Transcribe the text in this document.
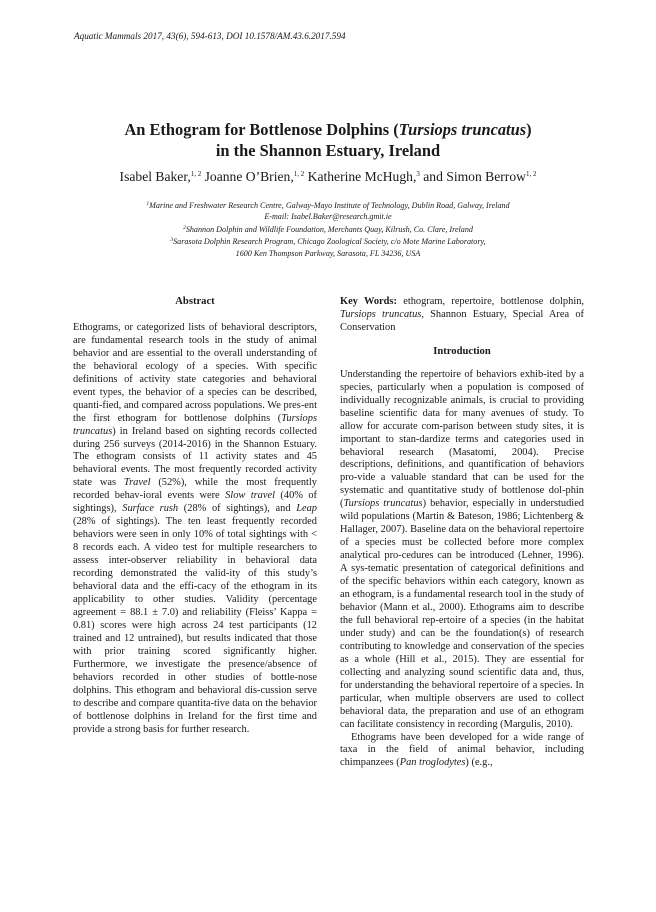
Aquatic Mammals 2017, 43(6), 594-613, DOI 10.1578/AM.43.6.2017.594
An Ethogram for Bottlenose Dolphins (Tursiops truncatus)
in the Shannon Estuary, Ireland
Isabel Baker,$^{1, 2}$ Joanne O’Brien,$^{1, 2}$ Katherine McHugh,$^3$ and Simon Berrow$^{1, 2}$
$^1$Marine and Freshwater Research Centre, Galway-Mayo Institute of Technology, Dublin Road, Galway, Ireland
E-mail: Isabel.Baker@research.gmit.ie
$^2$Shannon Dolphin and Wildlife Foundation, Merchants Quay, Kilrush, Co. Clare, Ireland
$^3$Sarasota Dolphin Research Program, Chicago Zoological Society, c/o Mote Marine Laboratory,
1600 Ken Thompson Parkway, Sarasota, FL 34236, USA
Abstract

Ethograms, or categorized lists of behavioral descriptors, are fundamental research tools in the study of animal behavior and are essential to the overall understanding of the behavioral ecology of a species. With specific definitions of activity state categories and behavioral event types, the behavior of a species can be described, quanti-fied, and compared across populations. We pres-ent the first ethogram for bottlenose dolphins (Tursiops truncatus) in Ireland based on sighting records collected during 256 surveys (2014-2016) in the Shannon Estuary. The ethogram consists of 11 activity states and 45 behavioral events. The most frequently recorded activity state was Travel (52%), while the most frequently recorded behav-ioral events were Slow travel (40% of sightings), Surface rush (28% of sightings), and Leap (28% of sightings). The ten least frequently recorded behaviors were seen in only 10% of total sightings with < 8 records each. A video test for multiple researchers to assess inter-observer reliability in behavioral data recording demonstrated the valid-ity of this study’s behavioral data and the effi-cacy of the ethogram in its applicability to other studies. Validity (percentage agreement = 88.1 ± 7.0) and reliability (Fleiss’ Kappa = 0.81) scores were high across 24 test participants (12 trained and 12 untrained), but results indicated that those with prior training scored significantly higher. Furthermore, we investigate the presence/absence of behaviors recorded in other studies of bottle-nose dolphins. This ethogram and behavioral dis-cussion serve to describe and compare quantita-tive data on the behavior of bottlenose dolphins in Ireland for the first time and provide a strong basis for further research.

Key Words: ethogram, repertoire, bottlenose dolphin, Tursiops truncatus, Shannon Estuary, Special Area of Conservation

Introduction

Understanding the repertoire of behaviors exhib-ited by a species, particularly when a population is composed of individually recognizable animals, is crucial to providing baseline scientific data for many avenues of study. To allow for accurate com-parison between study sites, it is important to stan-dardize terms and categories used in behavioral research (Masatomi, 2004). Precise descriptions, definitions, and quantification of behaviors pro-vide a valuable standard that can be used for the systematic and quantitative study of bottlenose dol-phin (Tursiops truncatus) behavior, especially in understudied wild populations (Martin & Bateson, 1986; Lichtenberg & Hallager, 2007). Baseline data on the behavioral repertoire of a species must be collected before more complex analytical pro-cedures can be introduced (Lehner, 1996). A sys-tematic presentation of categorical definitions and of the specific behaviors within each category, known as an ethogram, is a fundamental research tool in the study of behavior (Mann et al., 2000). Ethograms aim to describe the full behavioral rep-ertoire of a species (in the habitat under study) and can be the foundation(s) of research contributing to knowledge and conservation of the species as a whole (Hill et al., 2015). They are essential for collecting and analyzing sound scientific data and, thus, for understanding the behavioral repertoire of a species. In particular, when multiple observers are used to collect behavioral data, the preparation and use of an ethogram can facilitate consistency in recording (Margulis, 2010).

Ethograms have been developed for a wide range of taxa in the field of animal behavior, including chimpanzees (Pan troglodytes) (e.g.,
